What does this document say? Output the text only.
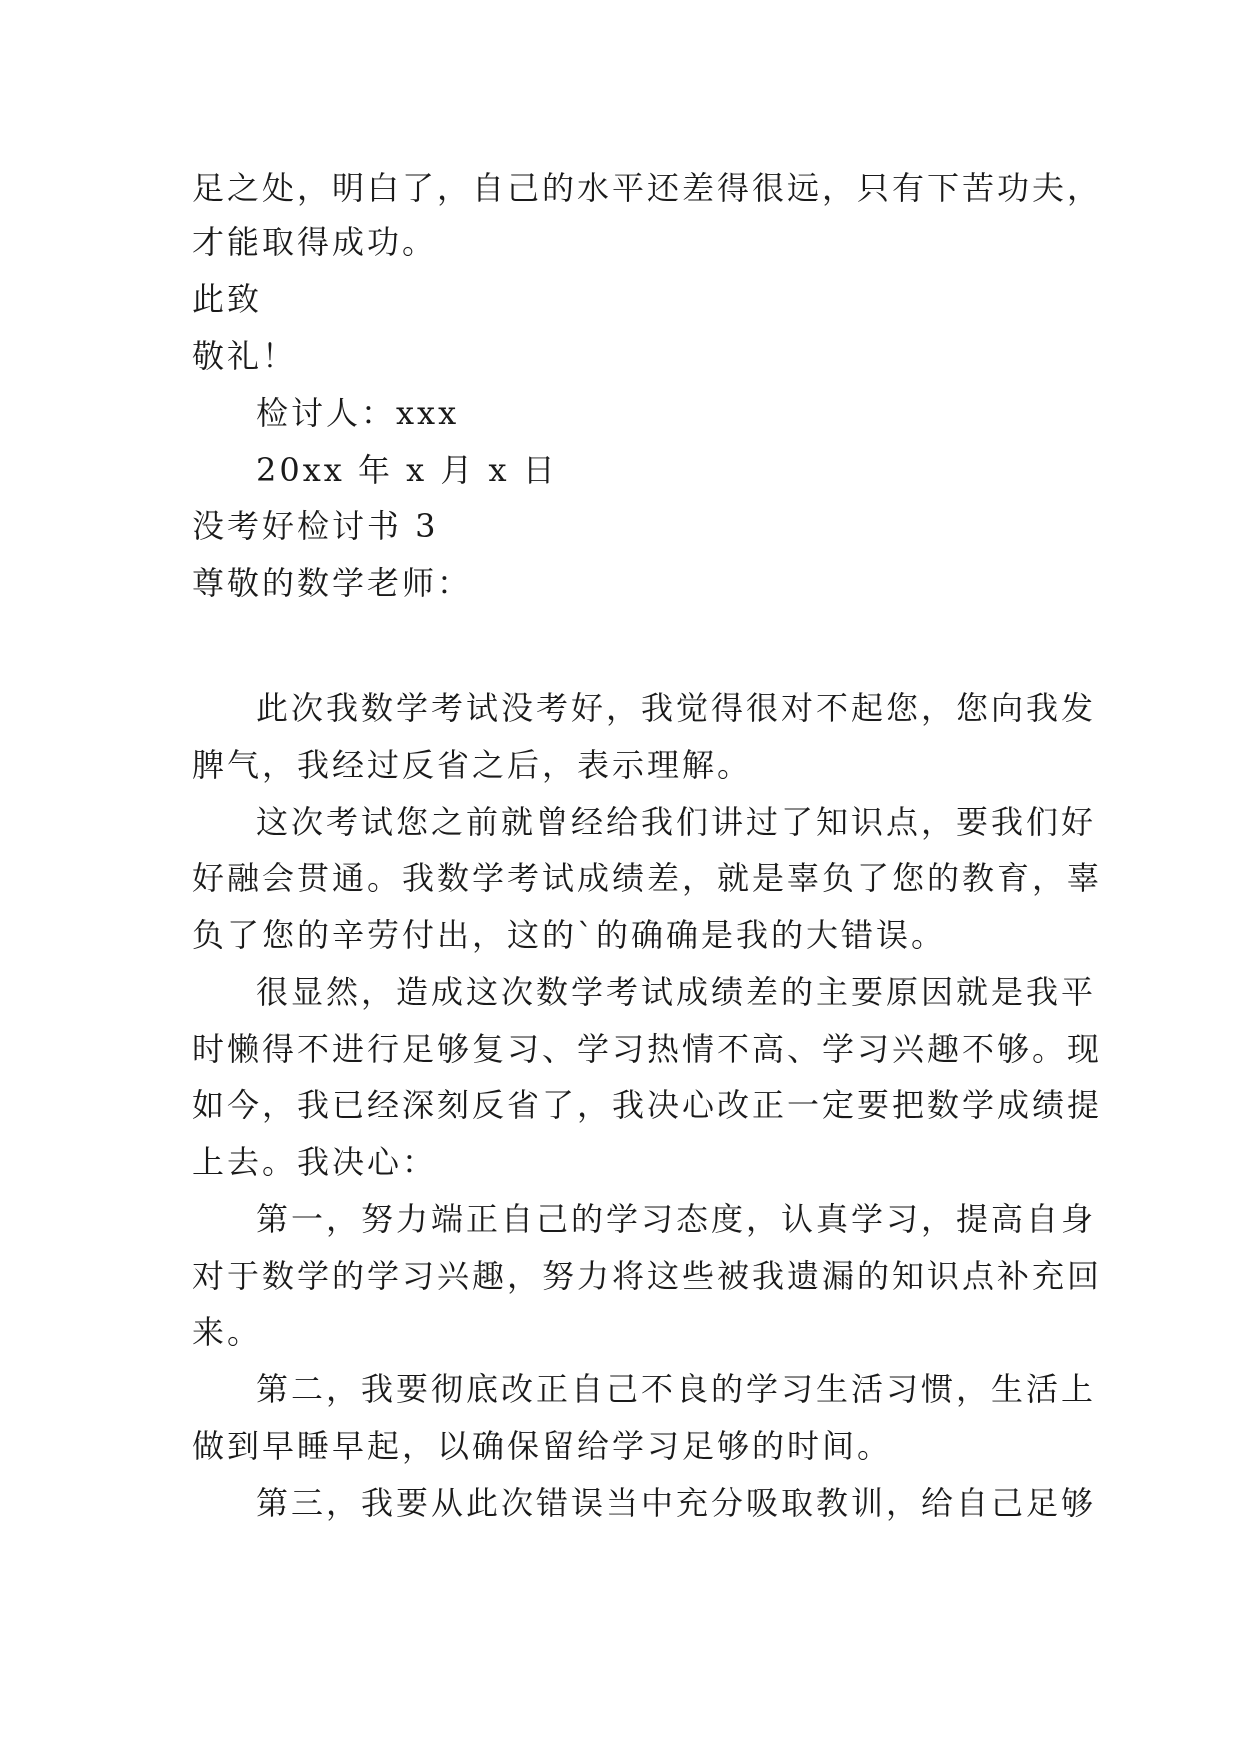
足之处，明白了，自己的水平还差得很远，只有下苦功夫，
才能取得成功。
此致
敬礼！
检讨人：xxx
20xx 年 x 月 x 日
没考好检讨书 3
尊敬的数学老师：
此次我数学考试没考好，我觉得很对不起您，您向我发
脾气，我经过反省之后，表示理解。
这次考试您之前就曾经给我们讲过了知识点，要我们好
好融会贯通。我数学考试成绩差，就是辜负了您的教育，辜
负了您的辛劳付出，这的`的确确是我的大错误。
很显然，造成这次数学考试成绩差的主要原因就是我平
时懒得不进行足够复习、学习热情不高、学习兴趣不够。现
如今，我已经深刻反省了，我决心改正一定要把数学成绩提
上去。我决心：
第一，努力端正自己的学习态度，认真学习，提高自身
对于数学的学习兴趣，努力将这些被我遗漏的知识点补充回
来。
第二，我要彻底改正自己不良的学习生活习惯，生活上
做到早睡早起，以确保留给学习足够的时间。
第三，我要从此次错误当中充分吸取教训，给自己足够
